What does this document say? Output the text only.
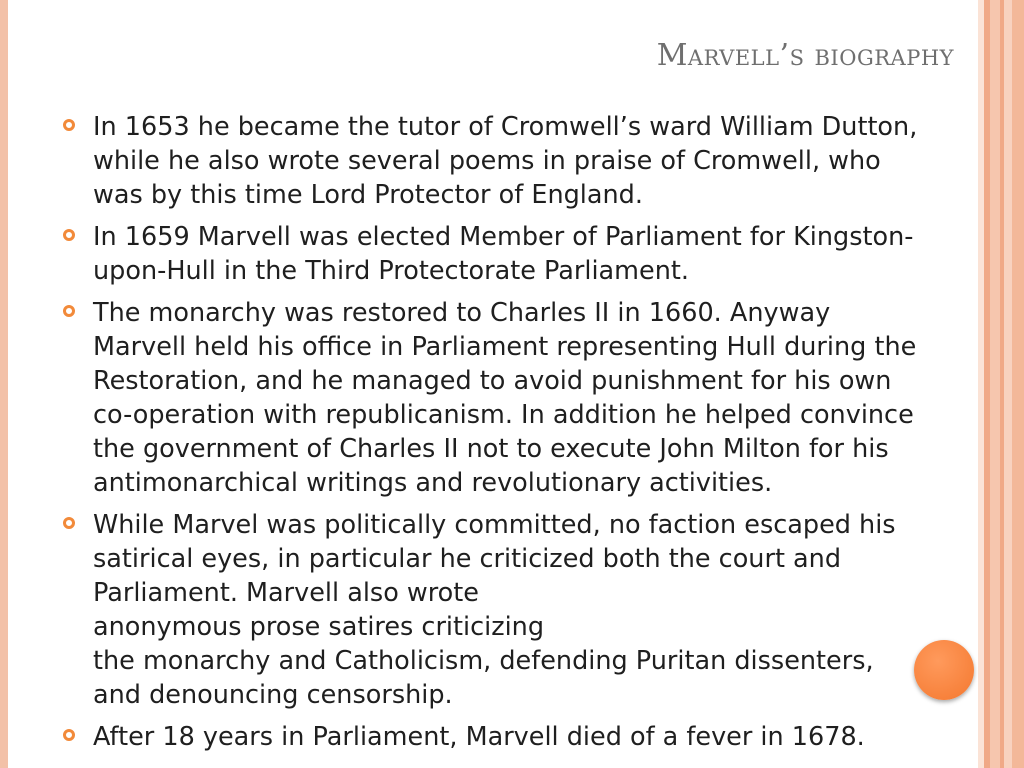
Marvell’s biography
In 1653 he became the tutor of Cromwell’s ward William Dutton,
while he also wrote several poems in praise of Cromwell, who
was by this time Lord Protector of England.
In 1659 Marvell was elected Member of Parliament for Kingston-
upon-Hull in the Third Protectorate Parliament.
The monarchy was restored to Charles II in 1660. Anyway
Marvell held his office in Parliament representing Hull during the
Restoration, and he managed to avoid punishment for his own
co-operation with republicanism. In addition he helped convince
the government of Charles II not to execute John Milton for his
antimonarchical writings and revolutionary activities.
While Marvel was politically committed, no faction escaped his
satirical eyes, in particular he criticized both the court and
Parliament. Marvell also wrote
anonymous prose satires criticizing
the monarchy and Catholicism, defending Puritan dissenters,
and denouncing censorship.
After 18 years in Parliament, Marvell died of a fever in 1678.
